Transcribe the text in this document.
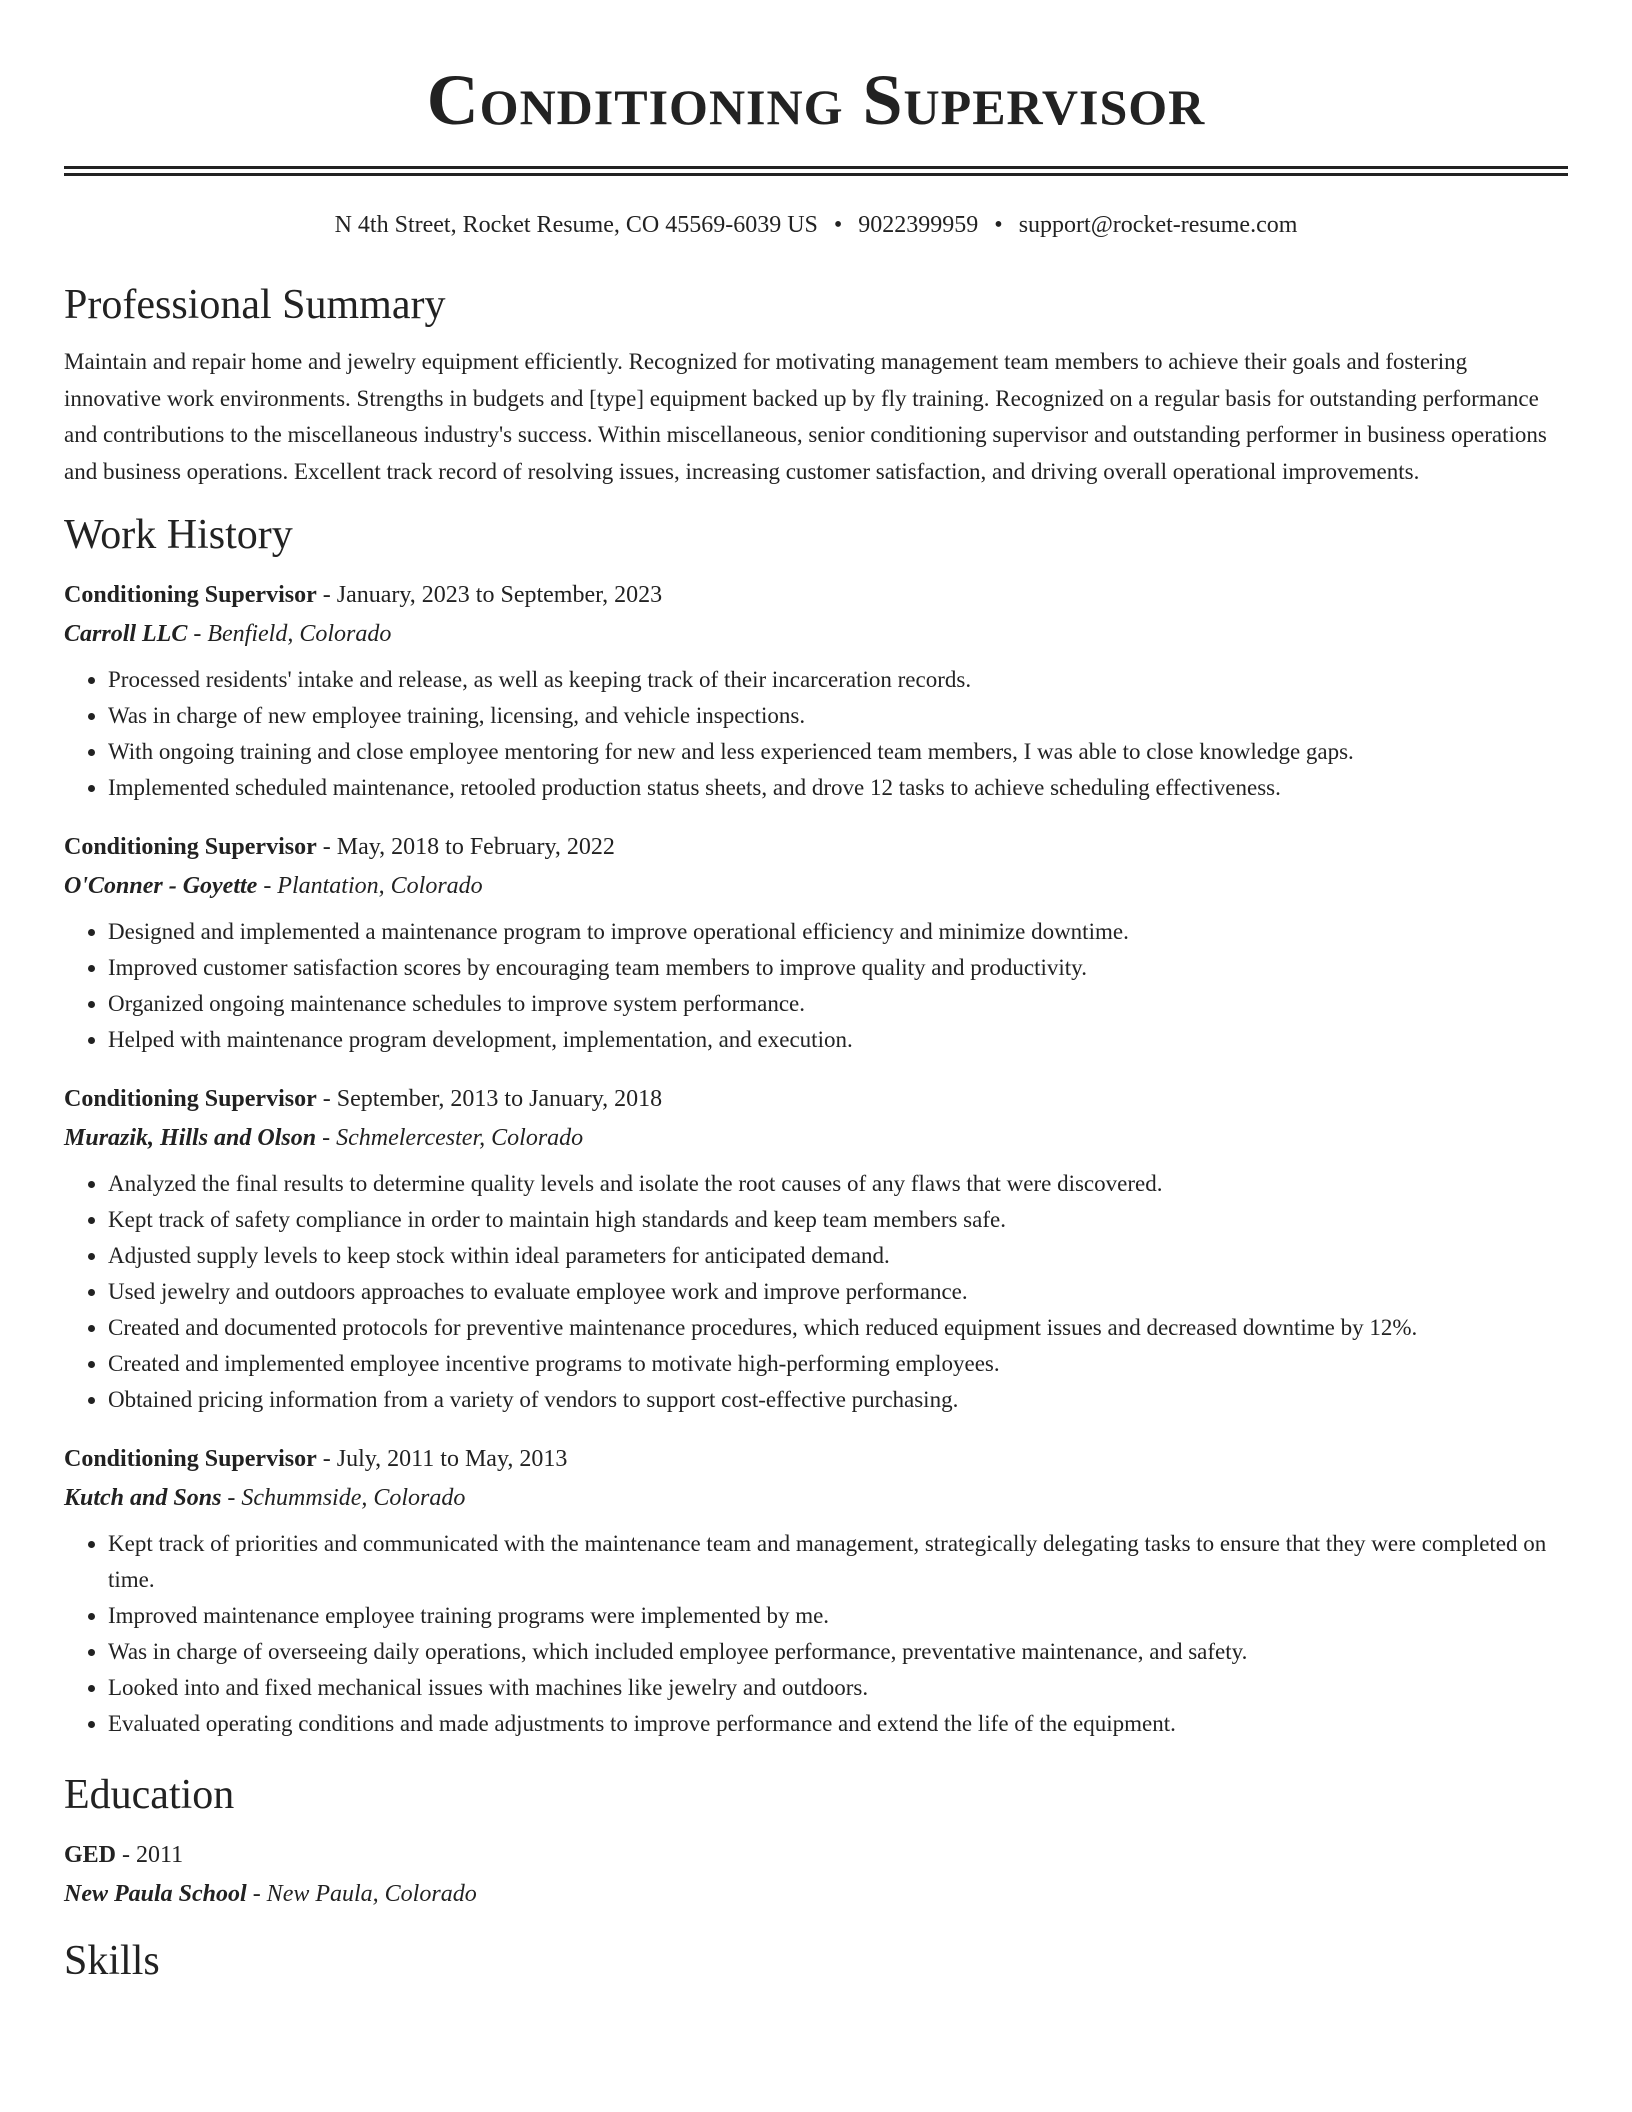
Conditioning Supervisor
N 4th Street, Rocket Resume, CO 45569-6039 US • 9022399959 • support@rocket-resume.com
Professional Summary
Maintain and repair home and jewelry equipment efficiently. Recognized for motivating management team members to achieve their goals and fostering innovative work environments. Strengths in budgets and [type] equipment backed up by fly training. Recognized on a regular basis for outstanding performance and contributions to the miscellaneous industry's success. Within miscellaneous, senior conditioning supervisor and outstanding performer in business operations and business operations. Excellent track record of resolving issues, increasing customer satisfaction, and driving overall operational improvements.
Work History
Conditioning Supervisor - January, 2023 to September, 2023
Carroll LLC - Benfield, Colorado
• Processed residents' intake and release, as well as keeping track of their incarceration records.
• Was in charge of new employee training, licensing, and vehicle inspections.
• With ongoing training and close employee mentoring for new and less experienced team members, I was able to close knowledge gaps.
• Implemented scheduled maintenance, retooled production status sheets, and drove 12 tasks to achieve scheduling effectiveness.
Conditioning Supervisor - May, 2018 to February, 2022
O'Conner - Goyette - Plantation, Colorado
• Designed and implemented a maintenance program to improve operational efficiency and minimize downtime.
• Improved customer satisfaction scores by encouraging team members to improve quality and productivity.
• Organized ongoing maintenance schedules to improve system performance.
• Helped with maintenance program development, implementation, and execution.
Conditioning Supervisor - September, 2013 to January, 2018
Murazik, Hills and Olson - Schmelercester, Colorado
• Analyzed the final results to determine quality levels and isolate the root causes of any flaws that were discovered.
• Kept track of safety compliance in order to maintain high standards and keep team members safe.
• Adjusted supply levels to keep stock within ideal parameters for anticipated demand.
• Used jewelry and outdoors approaches to evaluate employee work and improve performance.
• Created and documented protocols for preventive maintenance procedures, which reduced equipment issues and decreased downtime by 12%.
• Created and implemented employee incentive programs to motivate high-performing employees.
• Obtained pricing information from a variety of vendors to support cost-effective purchasing.
Conditioning Supervisor - July, 2011 to May, 2013
Kutch and Sons - Schummside, Colorado
• Kept track of priorities and communicated with the maintenance team and management, strategically delegating tasks to ensure that they were completed on time.
• Improved maintenance employee training programs were implemented by me.
• Was in charge of overseeing daily operations, which included employee performance, preventative maintenance, and safety.
• Looked into and fixed mechanical issues with machines like jewelry and outdoors.
• Evaluated operating conditions and made adjustments to improve performance and extend the life of the equipment.
Education
GED - 2011
New Paula School - New Paula, Colorado
Skills
